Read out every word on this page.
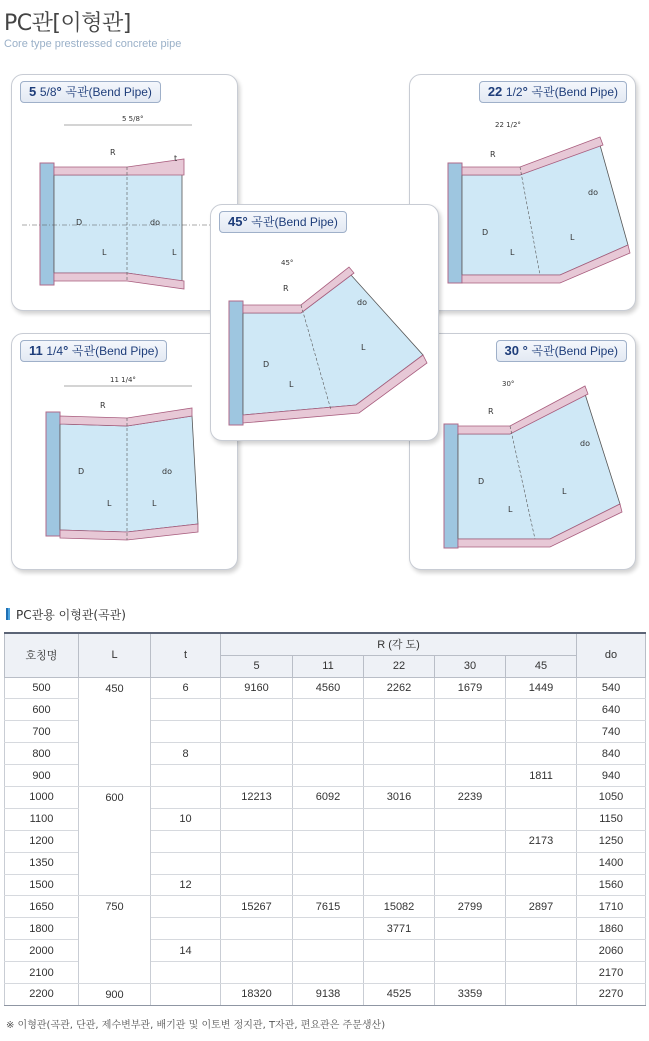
PC관[이형관]
Core type prestressed concrete pipe
5 5/8°
R
D
L	L
do
t
5 5/8° 곡관(Bend Pipe)
22 1/2°
R
D
L
L
do
22 1/2° 곡관(Bend Pipe)
11 1/4°
R
D
L	L
do
11 1/4° 곡관(Bend Pipe)
30°
R
D
L
L
do
30 ° 곡관(Bend Pipe)
45°
R
D
L
L
do
45° 곡관(Bend Pipe)
PC관용 이형관(곡관)
호칭명	L	t	R (각 도)					do
			5	11	22	30	45	
500	450	6	9160	4560	2262	1679	1449	540
600								640
700								740
800		8						840
900							1811	940
1000	600		12213	6092	3016	2239		1050
1100		10						1150
1200							2173	1250
1350								1400
1500		12						1560
1650	750		15267	7615	15082	2799	2897	1710
1800					3771			1860
2000		14						2060
2100								2170
2200	900		18320	9138	4525	3359		2270
※ 이형관(곡관, 단관, 제수변부관, 배기관 및 이토변 정지관, T자관, 편요관은 주문생산)
